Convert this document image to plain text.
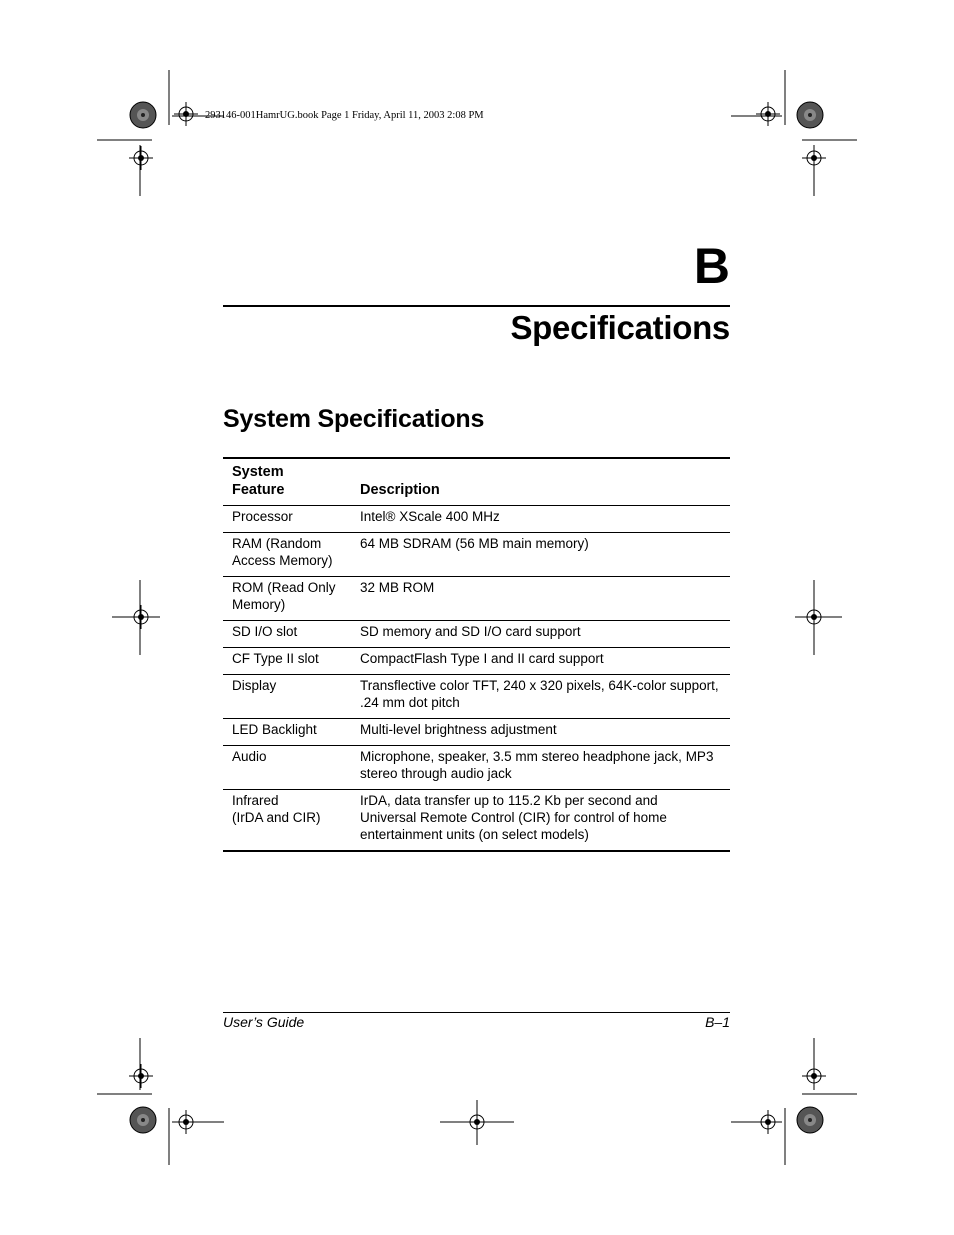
293146-001HamrUG.book Page 1 Friday, April 11, 2003 2:08 PM
B
Specifications
System Specifications
System
Feature	Description
Processor	Intel® XScale 400 MHz
RAM (Random
Access Memory)	64 MB SDRAM (56 MB main memory)
ROM (Read Only
Memory)	32 MB ROM
SD I/O slot	SD memory and SD I/O card support
CF Type II slot	CompactFlash Type I and II card support
Display	Transflective color TFT, 240 x 320 pixels, 64K-color support,
.24 mm dot pitch
LED Backlight	Multi-level brightness adjustment
Audio	Microphone, speaker, 3.5 mm stereo headphone jack, MP3
stereo through audio jack
Infrared
(IrDA and CIR)	IrDA, data transfer up to 115.2 Kb per second and
Universal Remote Control (CIR) for control of home
entertainment units (on select models)
User’s Guide	B–1
